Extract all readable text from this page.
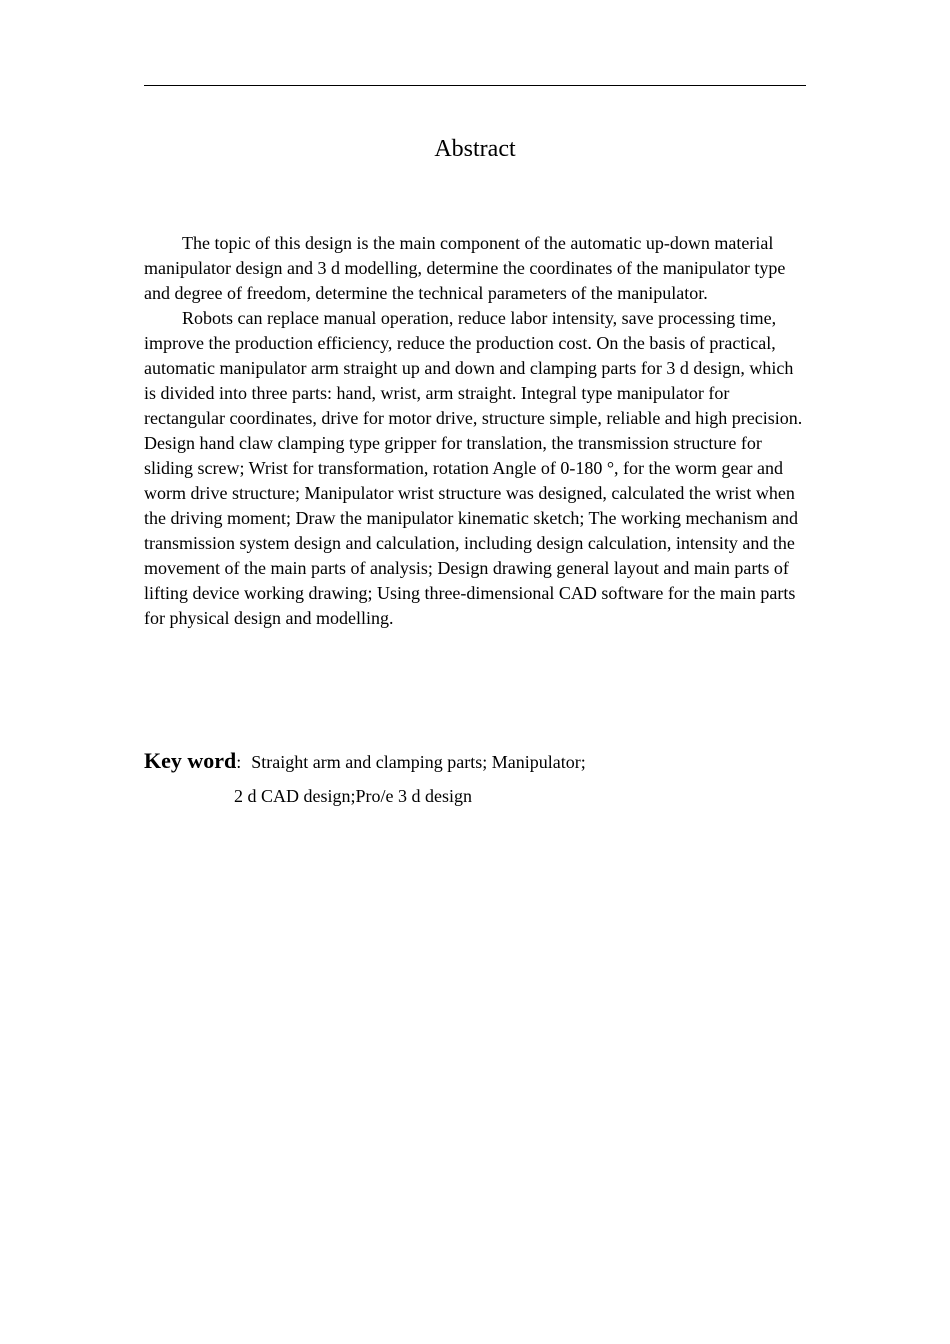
Abstract

The topic of this design is the main component of the automatic up-down material manipulator design and 3 d modelling, determine the coordinates of the manipulator type and degree of freedom, determine the technical parameters of the manipulator.

Robots can replace manual operation, reduce labor intensity, save processing time, improve the production efficiency, reduce the production cost. On the basis of practical, automatic manipulator arm straight up and down and clamping parts for 3 d design, which is divided into three parts: hand, wrist, arm straight. Integral type manipulator for rectangular coordinates, drive for motor drive, structure simple, reliable and high precision. Design hand claw clamping type gripper for translation, the transmission structure for sliding screw; Wrist for transformation, rotation Angle of 0-180 °, for the worm gear and worm drive structure; Manipulator wrist structure was designed, calculated the wrist when the driving moment; Draw the manipulator kinematic sketch; The working mechanism and transmission system design and calculation, including design calculation, intensity and the movement of the main parts of analysis; Design drawing general layout and main parts of lifting device working drawing; Using three-dimensional CAD software for the main parts for physical design and modelling.

Key word: Straight arm and clamping parts; Manipulator;
2 d CAD design;Pro/e 3 d design
